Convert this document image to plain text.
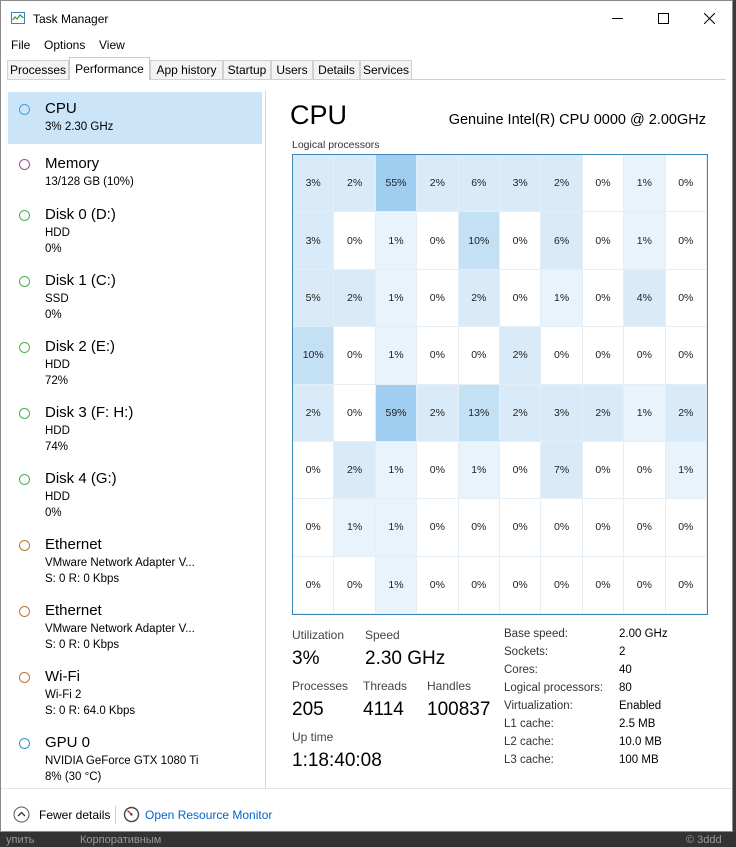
Task Manager
File Options View
Processes Performance	App history Startup Users Details Services
CPU
3% 2.30 GHz
Memory
13/128 GB (10%)
Disk 0 (D:)
HDD
0%
Disk 1 (C:)
SSD
0%
Disk 2 (E:)
HDD
72%
Disk 3 (F: H:)
HDD
74%
Disk 4 (G:)
HDD
0%
Ethernet
VMware Network Adapter V...
S: 0 R: 0 Kbps
Ethernet
VMware Network Adapter V...
S: 0 R: 0 Kbps
Wi-Fi
Wi-Fi 2
S: 0 R: 64.0 Kbps
GPU 0
NVIDIA GeForce GTX 1080 Ti
8% (30 °C)
CPU	Genuine Intel(R) CPU 0000 @ 2.00GHz
Logical processors
3%	2%	55%	2%	6%	3%	2%	0%	1%	0%
3%	0%	1%	0%	10%	0%	6%	0%	1%	0%
5%	2%	1%	0%	2%	0%	1%	0%	4%	0%
10%	0%	1%	0%	0%	2%	0%	0%	0%	0%
2%	0%	59%	2%	13%	2%	3%	2%	1%	2%
0%	2%	1%	0%	1%	0%	7%	0%	0%	1%
0%	1%	1%	0%	0%	0%	0%	0%	0%	0%
0%	0%	1%	0%	0%	0%	0%	0%	0%	0%
Utilization
3%
Speed
2.30 GHz
Processes
205
Threads
4114
Handles
100837
Up time
1:18:40:08
Base speed:	2.00 GHz
Sockets:	2
Cores:	40
Logical processors: 80
Virtualization:	Enabled
L1 cache:	2.5 MB
L2 cache:	10.0 MB
L3 cache:	100 MB
Fewer details	Open Resource Monitor
упить	Корпоративным	© 3ddd
